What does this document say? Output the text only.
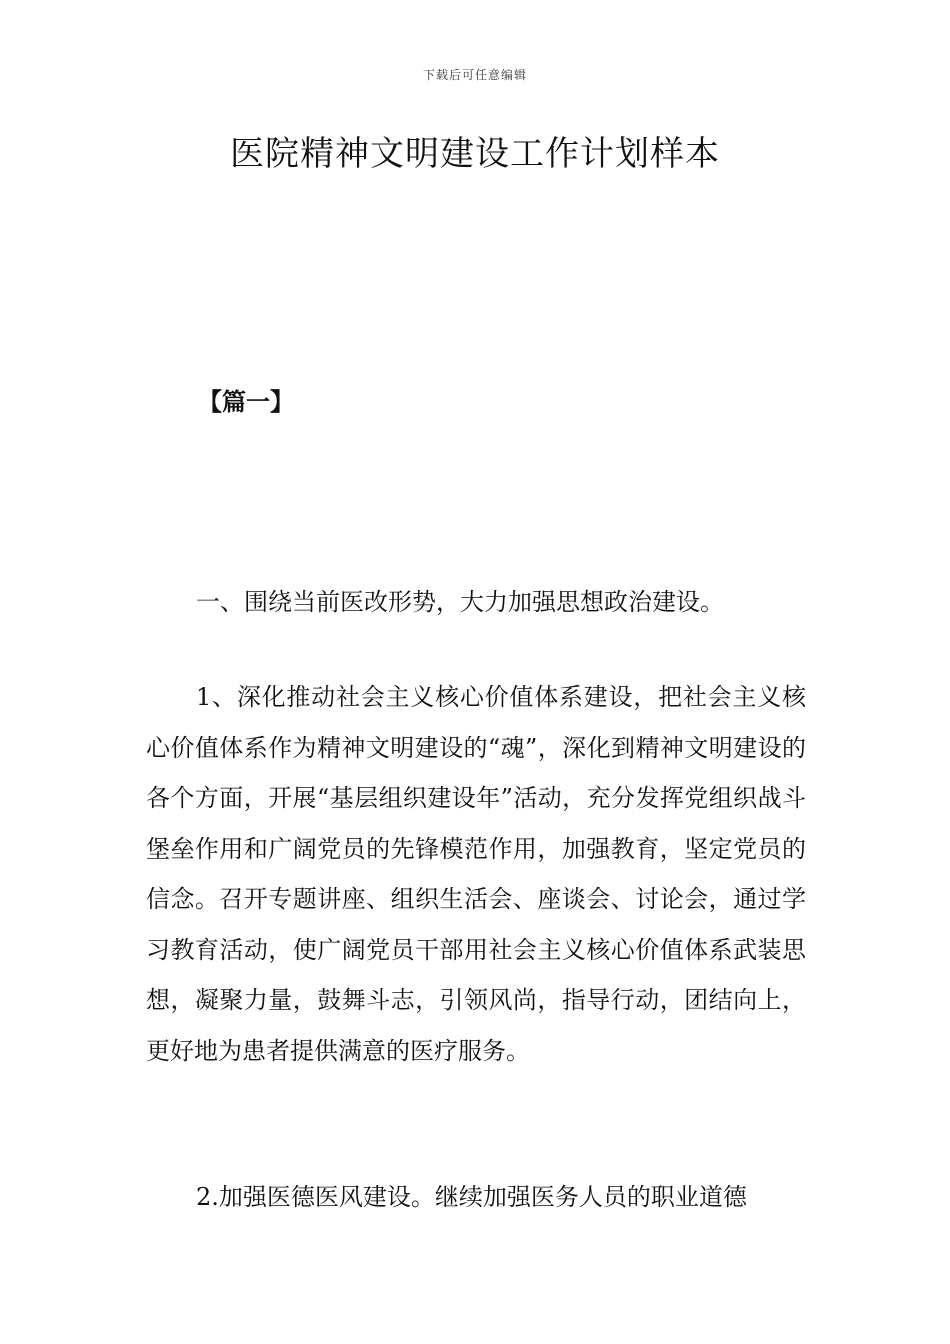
下载后可任意编辑
医院精神文明建设工作计划样本
【篇一】
一、围绕当前医改形势，大力加强思想政治建设。

1、深化推动社会主义核心价值体系建设，把社会主义核心价值体系作为精神文明建设的“魂”，深化到精神文明建设的各个方面，开展“基层组织建设年”活动，充分发挥党组织战斗堡垒作用和广阔党员的先锋模范作用，加强教育，坚定党员的信念。召开专题讲座、组织生活会、座谈会、讨论会，通过学习教育活动，使广阔党员干部用社会主义核心价值体系武装思想，凝聚力量，鼓舞斗志，引领风尚，指导行动，团结向上，更好地为患者提供满意的医疗服务。

2.加强医德医风建设。继续加强医务人员的职业道德
